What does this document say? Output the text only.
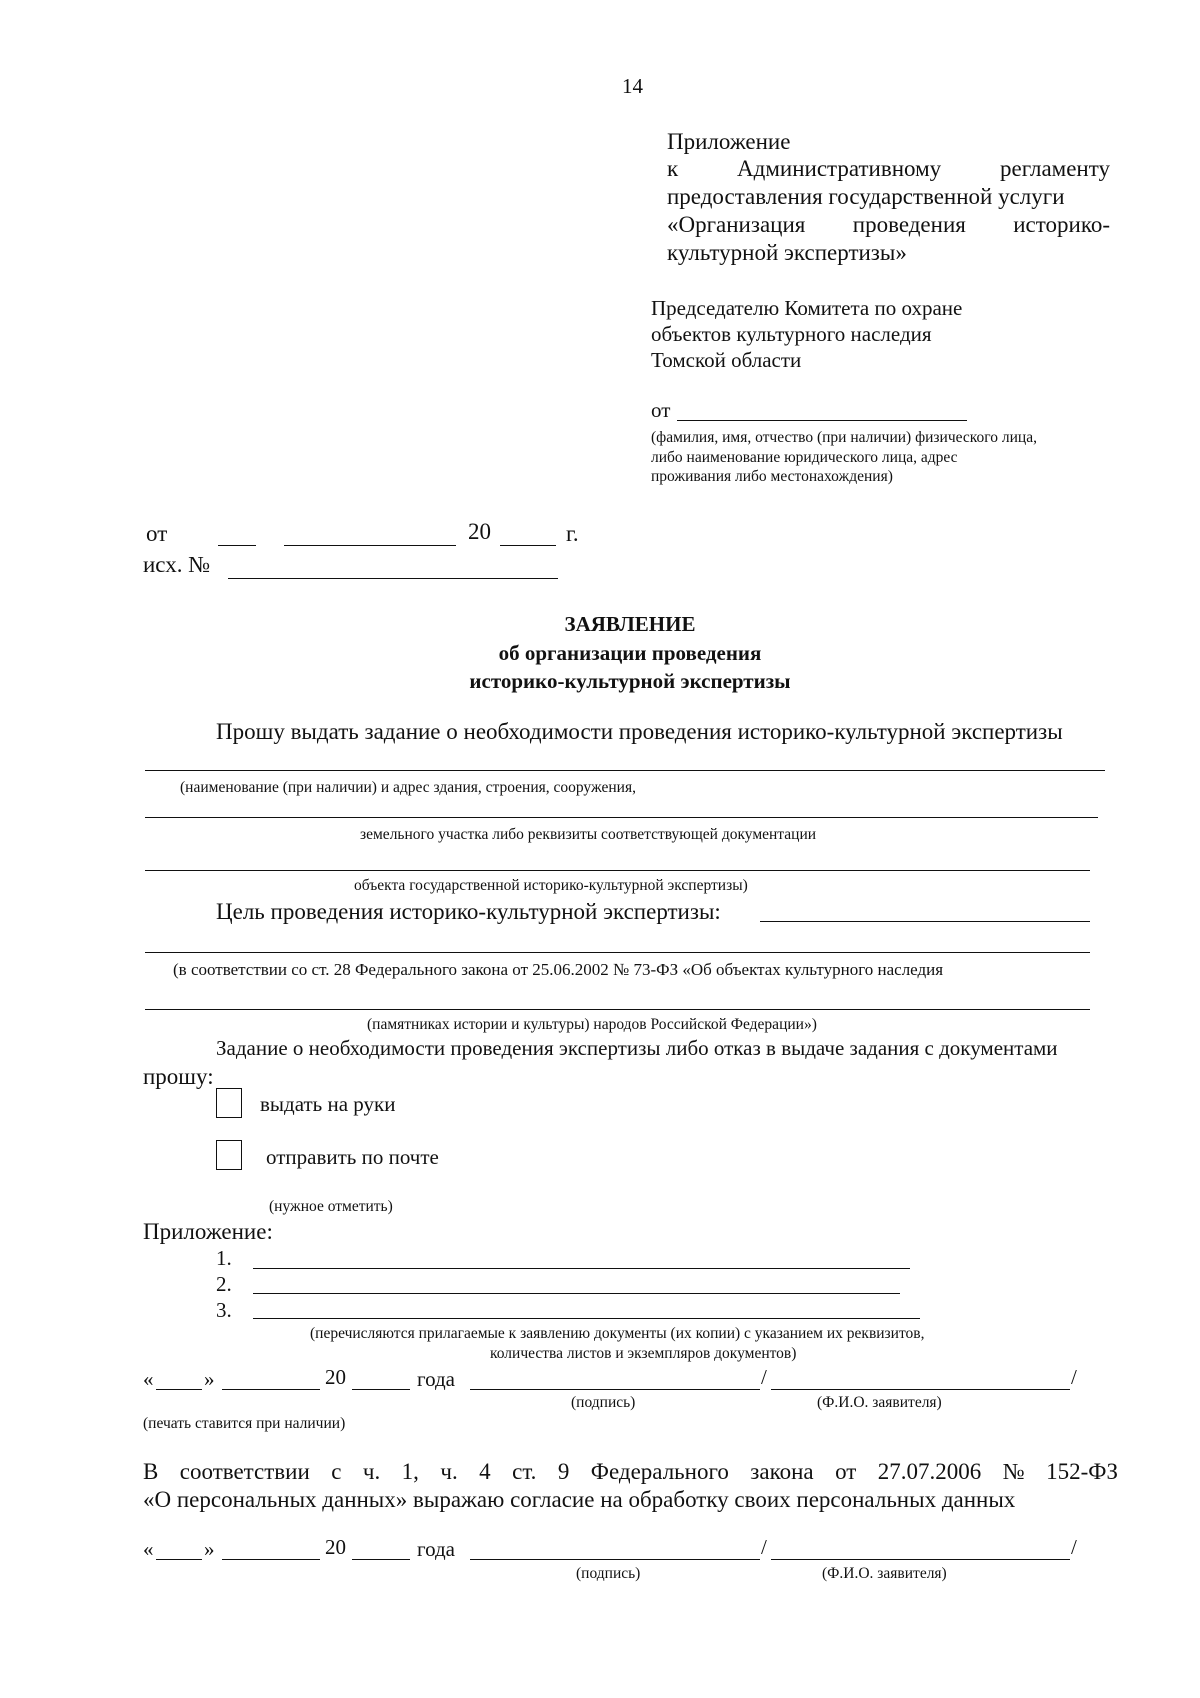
14
Приложение
к	Административному	регламенту
предоставления государственной услуги
«Организация проведения историко-
культурной экспертизы»
Председателю Комитета по охране
объектов культурного наследия
Томской области
от
(фамилия, имя, отчество (при наличии) физического лица,
либо наименование юридического лица, адрес
проживания либо местонахождения)
от	20	г.
исх. №
ЗАЯВЛЕНИЕ
об организации проведения
историко-культурной экспертизы
Прошу выдать задание о необходимости проведения историко-культурной экспертизы
(наименование (при наличии) и адрес здания, строения, сооружения,
земельного участка либо реквизиты соответствующей документации
объекта государственной историко-культурной экспертизы)
Цель проведения историко-культурной экспертизы:
(в соответствии со ст. 28 Федерального закона от 25.06.2002 № 73-ФЗ «Об объектах культурного наследия
(памятниках истории и культуры) народов Российской Федерации»)
Задание о необходимости проведения экспертизы либо отказ в выдаче задания с документами
прошу:
выдать на руки
отправить по почте
(нужное отметить)
Приложение:
1.
2.
3.
(перечисляются прилагаемые к заявлению документы (их копии) с указанием их реквизитов,
количества листов и экземпляров документов)
« »	20	года	/	/
(подпись)	(Ф.И.О. заявителя)
(печать ставится при наличии)
В соответствии с ч. 1, ч. 4 ст. 9 Федерального закона от 27.07.2006 № 152-ФЗ
«О персональных данных» выражаю согласие на обработку своих персональных данных
« »	20	года	/	/
(подпись)	(Ф.И.О. заявителя)
